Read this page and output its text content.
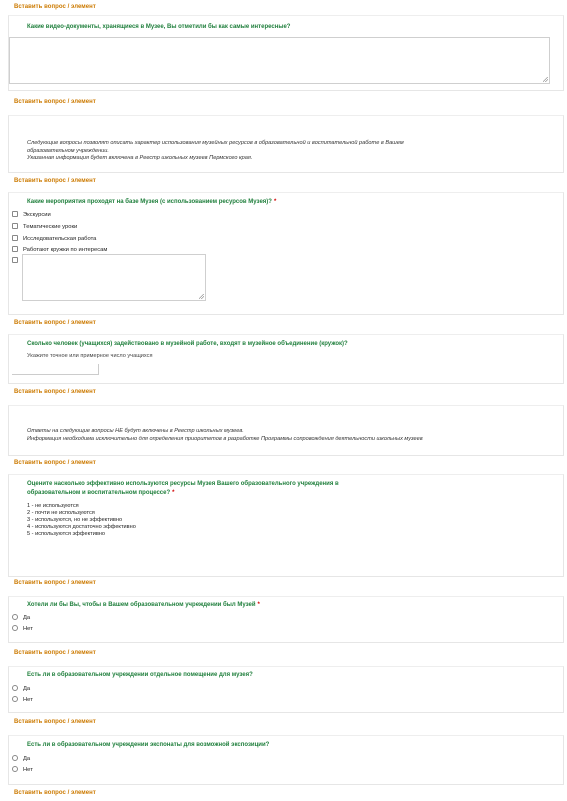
Вставить вопрос / элемент
Какие видео-документы, хранящиеся в Музее, Вы отметили бы как самые интересные?
Вставить вопрос / элемент
Следующие вопросы позволят описать характер использования музейных ресурсов в образовательной и воспитательной работе в Вашем
образовательном учреждении.
Указанная информация будет включена в Реестр школьных музеев Пермского края.
Вставить вопрос / элемент
Какие мероприятия проходят на базе Музея (с использованием ресурсов Музея)? *
Экскурсии
Тематические уроки
Исследовательская работа
Работают кружки по интересам
Вставить вопрос / элемент
Сколько человек (учащихся) задействовано в музейной работе, входят в музейное объединение (кружок)?
Укажите точное или примерное число учащихся
Вставить вопрос / элемент
Ответы на следующие вопросы НЕ будут включены в Реестр школьных музеев.
Информация необходима исключительно для определения приоритетов в разработке Программы сопровождения деятельности школьных музеев
Вставить вопрос / элемент
Оцените насколько эффективно используются ресурсы Музея Вашего образовательного учреждения в
образовательном и воспитательном процессе? *
1 - не используются
2 - почти не используются
3 - используются, но не эффективно
4 - используются достаточно эффективно
5 - используются эффективно
Вставить вопрос / элемент
Хотели ли бы Вы, чтобы в Вашем образовательном учреждении был Музей *
Да
Нет
Вставить вопрос / элемент
Есть ли в образовательном учреждении отдельное помещение для музея?
Да
Нет
Вставить вопрос / элемент
Есть ли в образовательном учреждении экспонаты для возможной экспозиции?
Да
Нет
Вставить вопрос / элемент
